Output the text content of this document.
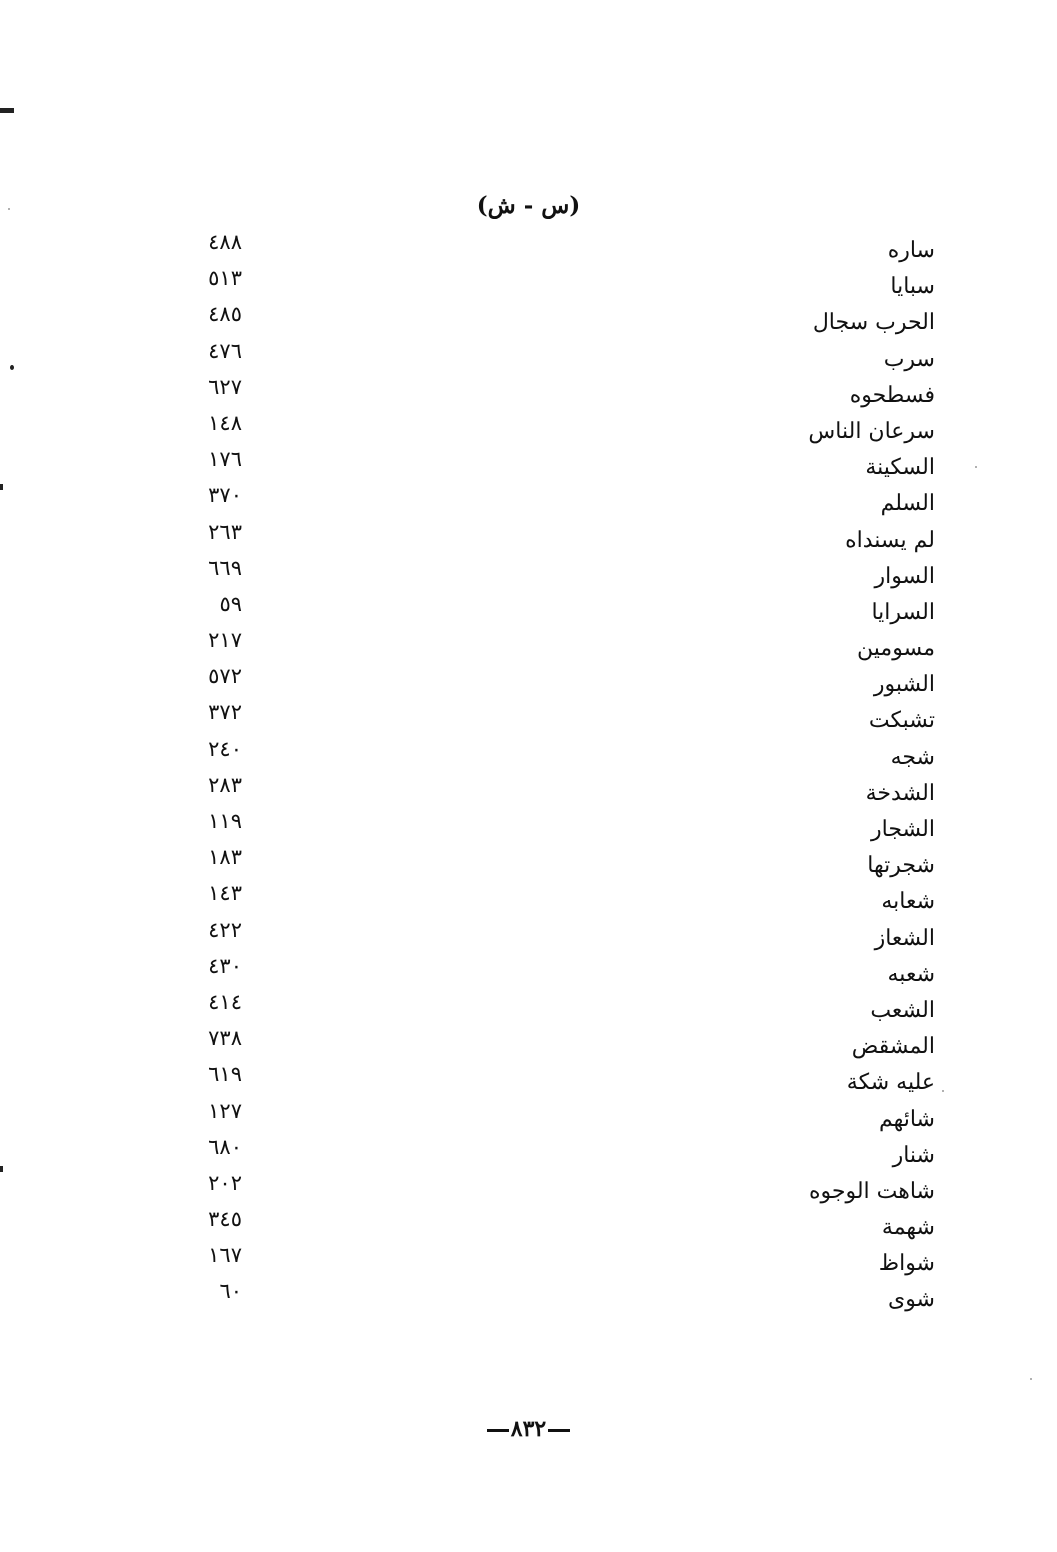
(س - ش)
ساره
٤٨٨
سبايا
٥١٣
الحرب سجال
٤٨٥
سرب
٤٧٦
فسطحوه
٦٢٧
سرعان الناس
١٤٨
السكينة
١٧٦
السلم
٣٧٠
لم يسنداه
٢٦٣
السوار
٦٦٩
السرايا
٥٩
مسومين
٢١٧
الشبور
٥٧٢
تشبكت
٣٧٢
شجه
٢٤٠
الشدخة
٢٨٣
الشجار
١١٩
شجرتها
١٨٣
شعابه
١٤٣
الشعاز
٤٢٢
شعبه
٤٣٠
الشعب
٤١٤
المشقض
٧٣٨
عليه شكة
٦١٩
شائهم
١٢٧
شنار
٦٨٠
شاهت الوجوه
٢٠٢
شهمة
٣٤٥
شواظ
١٦٧
شوى
٦٠
٨٣٢
